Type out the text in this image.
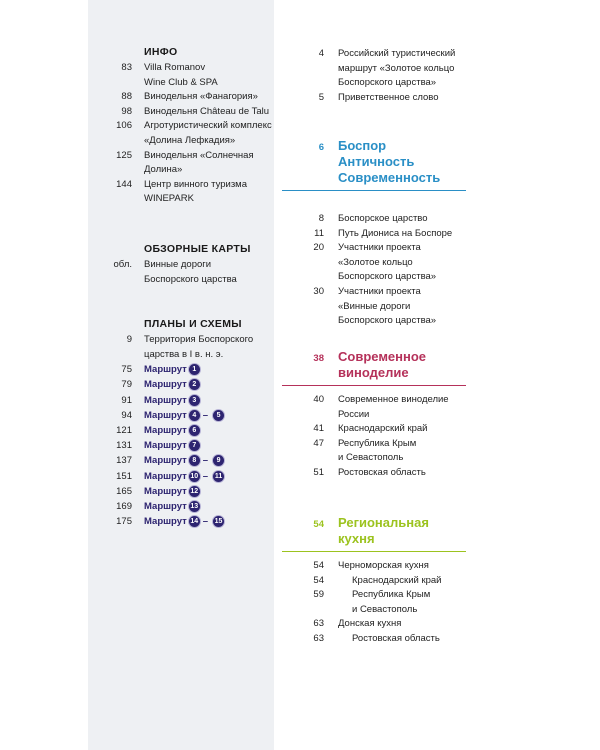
ИНФО
83 Villa Romanov
Wine Club & SPA
88 Винодельня «Фанагория»
98 Винодельня Château de Talu
106 Агротуристический комплекс
«Долина Лефкадия»
125 Винодельня «Солнечная
Долина»
144 Центр винного туризма
WINEPARK
ОБЗОРНЫЕ КАРТЫ
обл. Винные дороги
Боспорского царства
ПЛАНЫ И СХЕМЫ
9 Территория Боспорского
царства в I в. н. э.
75 Маршрут 1
79 Маршрут 2
91 Маршрут 3
94 Маршрут 4 – 5
121 Маршрут 6
131 Маршрут 7
137 Маршрут 8 – 9
151 Маршрут 10 – 11
165 Маршрут 12
169 Маршрут 13
175 Маршрут 14 – 15
4 Российский туристический
маршрут «Золотое кольцо
Боспорского царства»
5 Приветственное слово
6 Боспор
Античность
Современность
8 Боспорское царство
11 Путь Диониса на Боспоре
20 Участники проекта
«Золотое кольцо
Боспорского царства»
30 Участники проекта
«Винные дороги
Боспорского царства»
38 Современное
виноделие
40 Современное виноделие
России
41 Краснодарский край
47 Республика Крым
и Севастополь
51 Ростовская область
54 Региональная
кухня
54 Черноморская кухня
54	Краснодарский край
59	Республика Крым
и Севастополь
63 Донская кухня
63	Ростовская область
